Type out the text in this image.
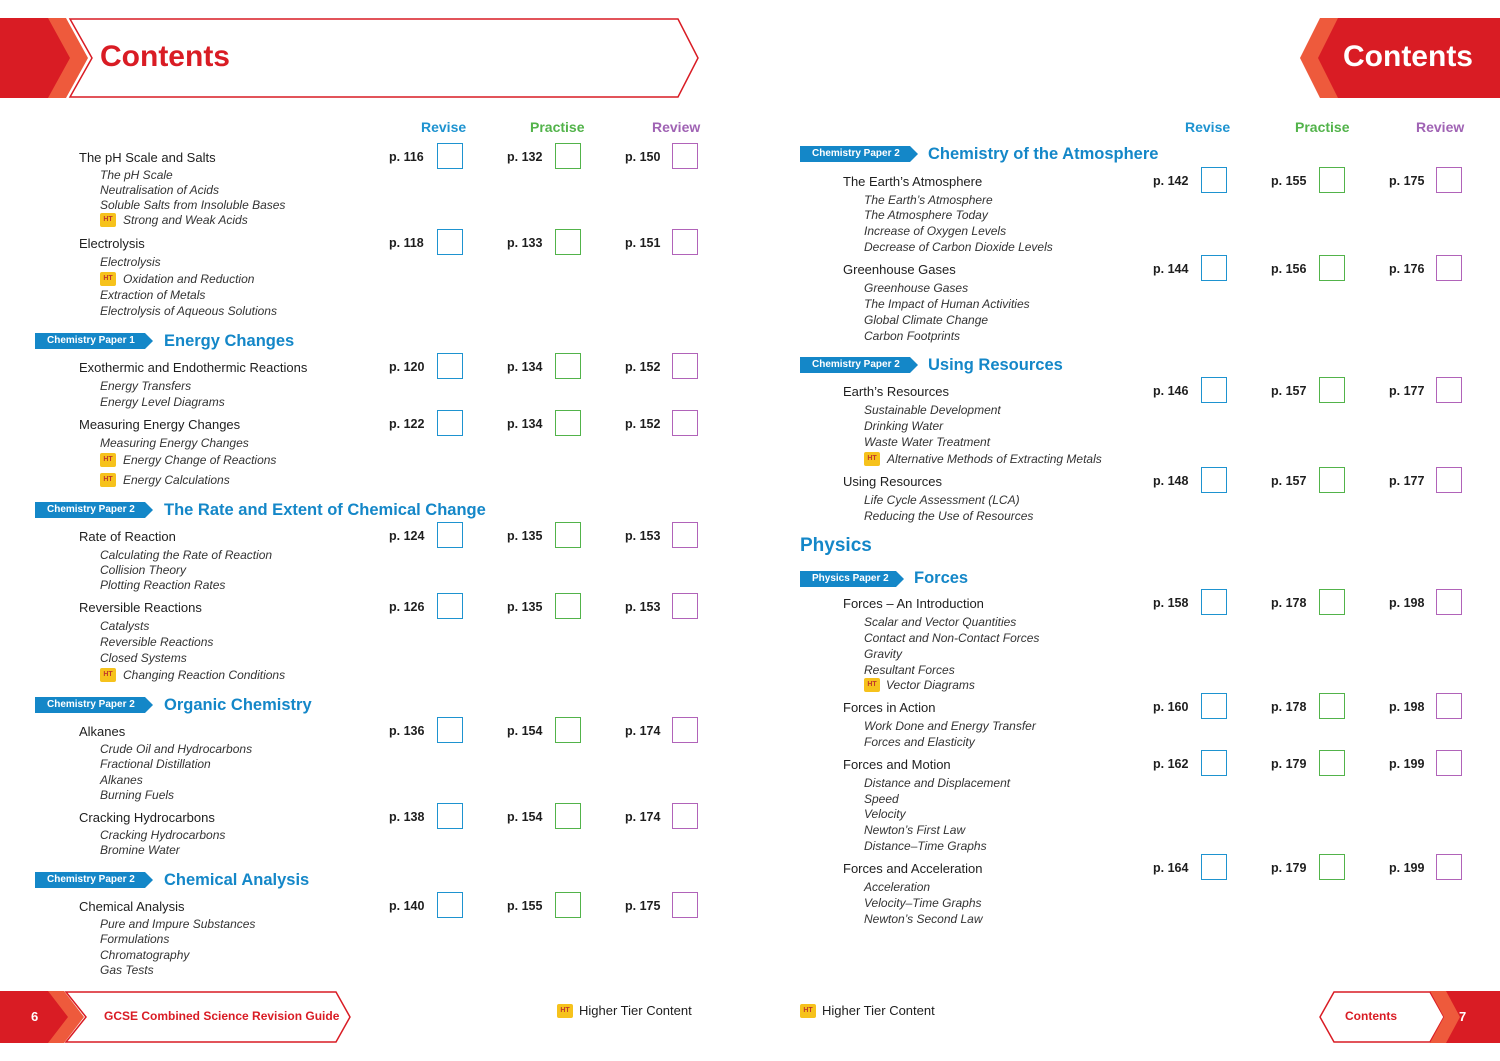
Contents	Contents
Revise	Practise	Review	Revise	Practise	Review
The pH Scale and Salts	p. 116	p. 132	p. 150
The pH Scale
Neutralisation of Acids
Soluble Salts from Insoluble Bases
HT Strong and Weak Acids
Electrolysis	p. 118	p. 133	p. 151
Electrolysis
HT Oxidation and Reduction
Extraction of Metals
Electrolysis of Aqueous Solutions
Chemistry Paper 1	Energy Changes
Exothermic and Endothermic Reactions	p. 120	p. 134	p. 152
Energy Transfers
Energy Level Diagrams
Measuring Energy Changes	p. 122	p. 134	p. 152
Measuring Energy Changes
HT Energy Change of Reactions
HT Energy Calculations
Chemistry Paper 2	The Rate and Extent of Chemical Change
Rate of Reaction	p. 124	p. 135	p. 153
Calculating the Rate of Reaction
Collision Theory
Plotting Reaction Rates
Reversible Reactions	p. 126	p. 135	p. 153
Catalysts
Reversible Reactions
Closed Systems
HT Changing Reaction Conditions
Chemistry Paper 2	Organic Chemistry
Alkanes	p. 136	p. 154	p. 174
Crude Oil and Hydrocarbons
Fractional Distillation
Alkanes
Burning Fuels
Cracking Hydrocarbons	p. 138	p. 154	p. 174
Cracking Hydrocarbons
Bromine Water
Chemistry Paper 2	Chemical Analysis
Chemical Analysis	p. 140	p. 155	p. 175
Pure and Impure Substances
Formulations
Chromatography
Gas Tests
Chemistry Paper 2	Chemistry of the Atmosphere
The Earth’s Atmosphere	p. 142	p. 155	p. 175
The Earth’s Atmosphere
The Atmosphere Today
Increase of Oxygen Levels
Decrease of Carbon Dioxide Levels
Greenhouse Gases	p. 144	p. 156	p. 176
Greenhouse Gases
The Impact of Human Activities
Global Climate Change
Carbon Footprints
Chemistry Paper 2	Using Resources
Earth’s Resources	p. 146	p. 157	p. 177
Sustainable Development
Drinking Water
Waste Water Treatment
HT Alternative Methods of Extracting Metals
Using Resources	p. 148	p. 157	p. 177
Life Cycle Assessment (LCA)
Reducing the Use of Resources
Physics
Physics Paper 2	Forces
Forces – An Introduction	p. 158	p. 178	p. 198
Scalar and Vector Quantities
Contact and Non-Contact Forces
Gravity
Resultant Forces
HT Vector Diagrams
Forces in Action	p. 160	p. 178	p. 198
Work Done and Energy Transfer
Forces and Elasticity
Forces and Motion	p. 162	p. 179	p. 199
Distance and Displacement
Speed
Velocity
Newton’s First Law
Distance–Time Graphs
Forces and Acceleration	p. 164	p. 179	p. 199
Acceleration
Velocity–Time Graphs
Newton’s Second Law
6	GCSE Combined Science Revision Guide	HT Higher Tier Content	HT Higher Tier Content	Contents	7
